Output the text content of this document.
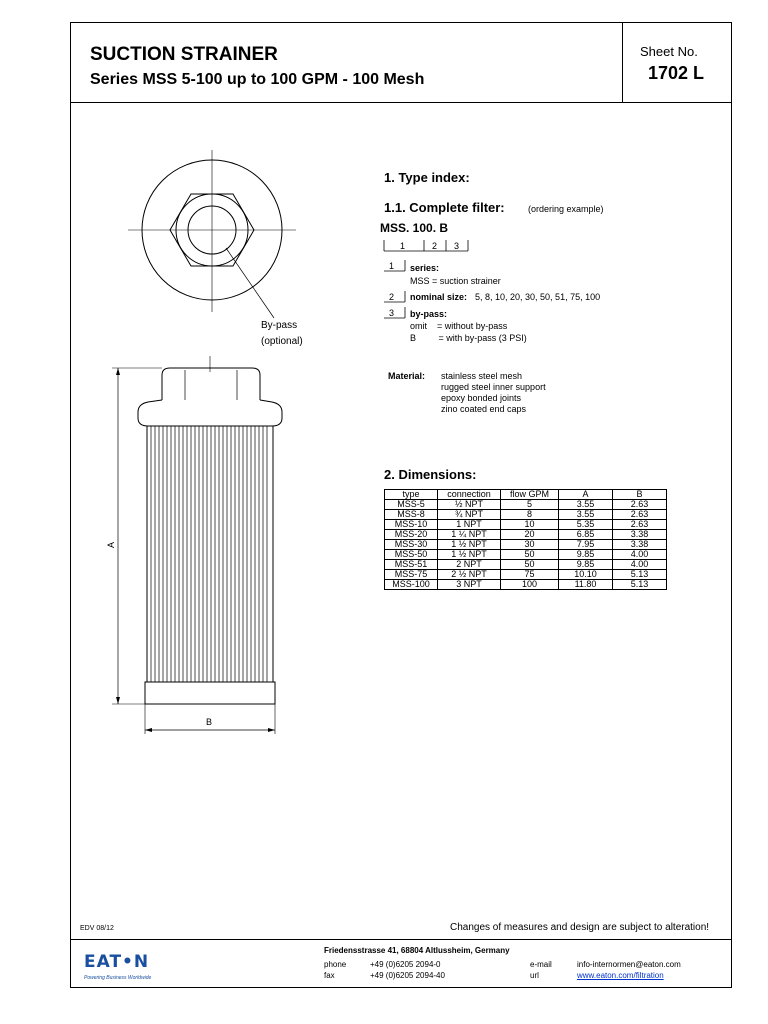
SUCTION STRAINER
Series MSS 5-100 up to 100 GPM - 100 Mesh
Sheet No.
1702 L
By-pass
(optional)
A
B
1. Type index:
1.1. Complete filter:	(ordering example)
MSS. 100. B
1	2 3
1 series:
MSS = suction strainer
2 nominal size: 5, 8, 10, 20, 30, 50, 51, 75, 100
3 by-pass:
omit    = without by-pass
B         = with by-pass (3 PSI)
Material: stainless steel mesh
rugged steel inner support
epoxy bonded joints
zino coated end caps
2. Dimensions:
type	connection	flow GPM	A	B
MSS-5	½ NPT	5	3.55	2.63
MSS-8	¾ NPT	8	3.55	2.63
MSS-10	1 NPT	10	5.35	2.63
MSS-20	1 ¼ NPT	20	6.85	3.38
MSS-30	1 ½ NPT	30	7.95	3.38
MSS-50	1 ½ NPT	50	9.85	4.00
MSS-51	2 NPT	50	9.85	4.00
MSS-75	2 ½ NPT	75	10.10	5.13
MSS-100	3 NPT	100	11.80	5.13
EDV 08/12	Changes of measures and design are subject to alteration!
EAT•N
Powering Business Worldwide
Friedensstrasse 41, 68804 Altlussheim, Germany
phone	+49 (0)6205 2094-0
fax	+49 (0)6205 2094-40
e-mail	info-internormen@eaton.com
url	www.eaton.com/filtration
